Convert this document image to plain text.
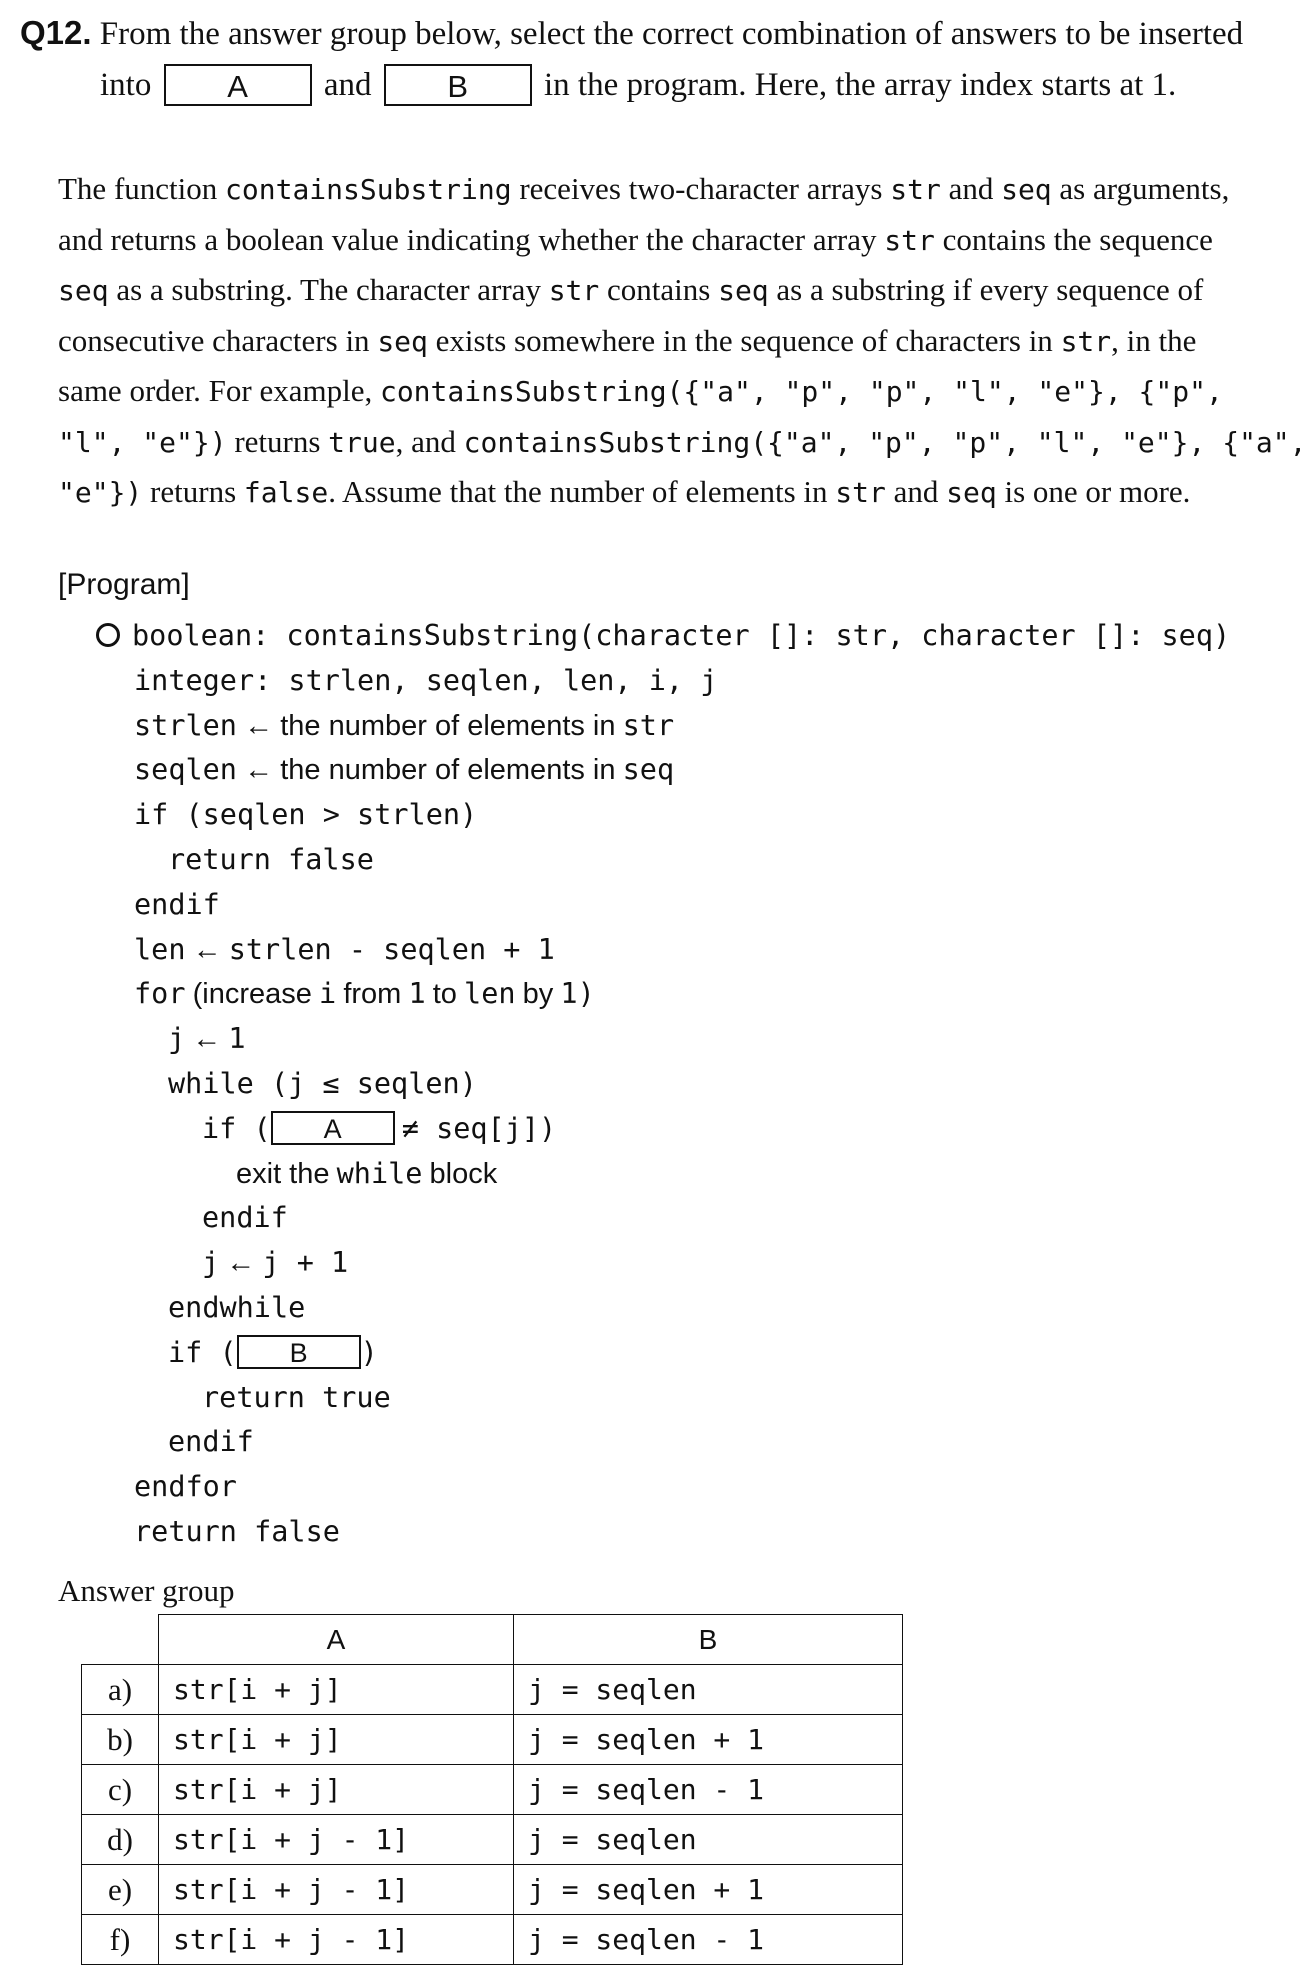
Q12. From the answer group below, select the correct combination of answers to be inserted
into A and B in the program. Here, the array index starts at 1.
The function containsSubstring receives two-character arrays str and seq as arguments,
and returns a boolean value indicating whether the character array str contains the sequence
seq as a substring. The character array str contains seq as a substring if every sequence of
consecutive characters in seq exists somewhere in the sequence of characters in str, in the
same order. For example, containsSubstring({"a", "p", "p", "l", "e"}, {"p",
"l", "e"}) returns true, and containsSubstring({"a", "p", "p", "l", "e"}, {"a",
"e"}) returns false. Assume that the number of elements in str and seq is one or more.
[Program]
boolean: containsSubstring(character []: str, character []: seq)
integer: strlen, seqlen, len, i, j
strlen ← the number of elements in str
seqlen ← the number of elements in seq
if (seqlen > strlen)
return false
endif
len ← strlen - seqlen + 1
for (increase i from 1 to len by 1)
j ← 1
while (j ≤ seqlen)
if ( A ≠ seq[j])
exit the while block
endif
j ← j + 1
endwhile
if ( B )
return true
endif
endfor
return false
Answer group
	A	B
a)	str[i + j]	j = seqlen
b)	str[i + j]	j = seqlen + 1
c)	str[i + j]	j = seqlen - 1
d)	str[i + j - 1]	j = seqlen
e)	str[i + j - 1]	j = seqlen + 1
f)	str[i + j - 1]	j = seqlen - 1
